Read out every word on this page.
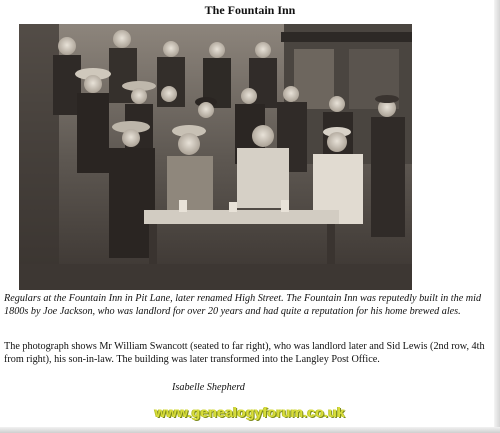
The Fountain Inn
Regulars at the Fountain Inn in Pit Lane, later renamed High Street. The Fountain Inn was reputedly built in the mid 1800s by Joe Jackson, who was landlord for over 20 years and had quite a reputation for his home brewed ales.
The photograph shows Mr William Swancott (seated to far right), who was landlord later and Sid Lewis (2nd row, 4th from right), his son-in-law. The building was later transformed into the Langley Post Office.
Isabelle Shepherd
www.genealogyforum.co.uk
